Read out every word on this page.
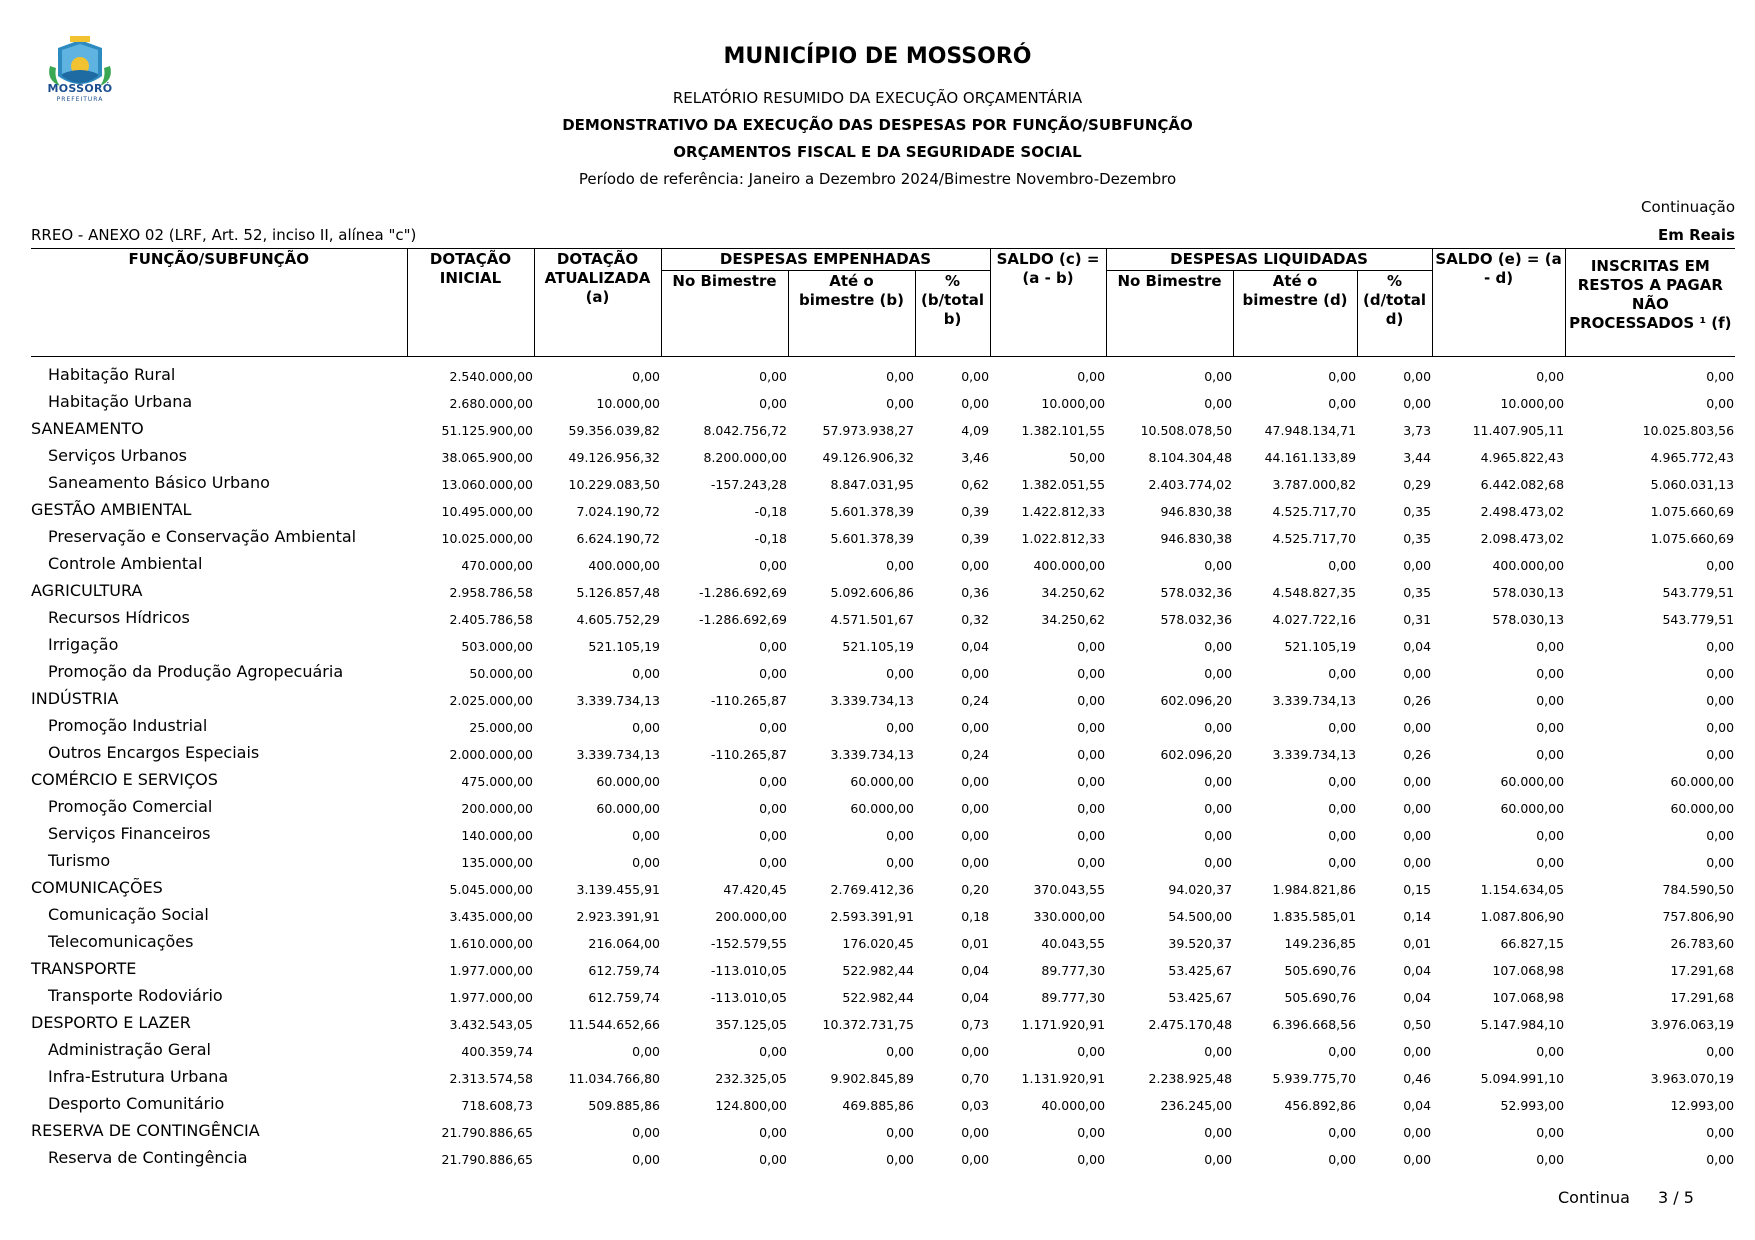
MOSSORÓ
PREFEITURA
MUNICÍPIO DE MOSSORÓ
RELATÓRIO RESUMIDO DA EXECUÇÃO ORÇAMENTÁRIA
DEMONSTRATIVO DA EXECUÇÃO DAS DESPESAS POR FUNÇÃO/SUBFUNÇÃO
ORÇAMENTOS FISCAL E DA SEGURIDADE SOCIAL
Período de referência: Janeiro a Dezembro 2024/Bimestre Novembro-Dezembro
Continuação
RREO - ANEXO 02 (LRF, Art. 52, inciso II, alínea "c")	Em Reais
FUNÇÃO/SUBFUNÇÃO	DOTAÇÃO INICIAL	DOTAÇÃO ATUALIZADA (a)	DESPESAS EMPENHADAS			SALDO (c) = (a - b)	DESPESAS LIQUIDADAS			SALDO (e) = (a - d)	INSCRITAS EM RESTOS A PAGAR NÃO PROCESSADOS ¹ (f)
			No Bimestre	Até o bimestre (b)	% (b/total b)		No Bimestre	Até o bimestre (d)	% (d/total d)		
Habitação Rural	2.540.000,00	0,00	0,00	0,00	0,00	0,00	0,00	0,00	0,00	0,00	0,00
Habitação Urbana	2.680.000,00	10.000,00	0,00	0,00	0,00	10.000,00	0,00	0,00	0,00	10.000,00	0,00
SANEAMENTO	51.125.900,00	59.356.039,82	8.042.756,72	57.973.938,27	4,09	1.382.101,55	10.508.078,50	47.948.134,71	3,73	11.407.905,11	10.025.803,56
Serviços Urbanos	38.065.900,00	49.126.956,32	8.200.000,00	49.126.906,32	3,46	50,00	8.104.304,48	44.161.133,89	3,44	4.965.822,43	4.965.772,43
Saneamento Básico Urbano	13.060.000,00	10.229.083,50	-157.243,28	8.847.031,95	0,62	1.382.051,55	2.403.774,02	3.787.000,82	0,29	6.442.082,68	5.060.031,13
GESTÃO AMBIENTAL	10.495.000,00	7.024.190,72	-0,18	5.601.378,39	0,39	1.422.812,33	946.830,38	4.525.717,70	0,35	2.498.473,02	1.075.660,69
Preservação e Conservação Ambiental	10.025.000,00	6.624.190,72	-0,18	5.601.378,39	0,39	1.022.812,33	946.830,38	4.525.717,70	0,35	2.098.473,02	1.075.660,69
Controle Ambiental	470.000,00	400.000,00	0,00	0,00	0,00	400.000,00	0,00	0,00	0,00	400.000,00	0,00
AGRICULTURA	2.958.786,58	5.126.857,48	-1.286.692,69	5.092.606,86	0,36	34.250,62	578.032,36	4.548.827,35	0,35	578.030,13	543.779,51
Recursos Hídricos	2.405.786,58	4.605.752,29	-1.286.692,69	4.571.501,67	0,32	34.250,62	578.032,36	4.027.722,16	0,31	578.030,13	543.779,51
Irrigação	503.000,00	521.105,19	0,00	521.105,19	0,04	0,00	0,00	521.105,19	0,04	0,00	0,00
Promoção da Produção Agropecuária	50.000,00	0,00	0,00	0,00	0,00	0,00	0,00	0,00	0,00	0,00	0,00
INDÚSTRIA	2.025.000,00	3.339.734,13	-110.265,87	3.339.734,13	0,24	0,00	602.096,20	3.339.734,13	0,26	0,00	0,00
Promoção Industrial	25.000,00	0,00	0,00	0,00	0,00	0,00	0,00	0,00	0,00	0,00	0,00
Outros Encargos Especiais	2.000.000,00	3.339.734,13	-110.265,87	3.339.734,13	0,24	0,00	602.096,20	3.339.734,13	0,26	0,00	0,00
COMÉRCIO E SERVIÇOS	475.000,00	60.000,00	0,00	60.000,00	0,00	0,00	0,00	0,00	0,00	60.000,00	60.000,00
Promoção Comercial	200.000,00	60.000,00	0,00	60.000,00	0,00	0,00	0,00	0,00	0,00	60.000,00	60.000,00
Serviços Financeiros	140.000,00	0,00	0,00	0,00	0,00	0,00	0,00	0,00	0,00	0,00	0,00
Turismo	135.000,00	0,00	0,00	0,00	0,00	0,00	0,00	0,00	0,00	0,00	0,00
COMUNICAÇÕES	5.045.000,00	3.139.455,91	47.420,45	2.769.412,36	0,20	370.043,55	94.020,37	1.984.821,86	0,15	1.154.634,05	784.590,50
Comunicação Social	3.435.000,00	2.923.391,91	200.000,00	2.593.391,91	0,18	330.000,00	54.500,00	1.835.585,01	0,14	1.087.806,90	757.806,90
Telecomunicações	1.610.000,00	216.064,00	-152.579,55	176.020,45	0,01	40.043,55	39.520,37	149.236,85	0,01	66.827,15	26.783,60
TRANSPORTE	1.977.000,00	612.759,74	-113.010,05	522.982,44	0,04	89.777,30	53.425,67	505.690,76	0,04	107.068,98	17.291,68
Transporte Rodoviário	1.977.000,00	612.759,74	-113.010,05	522.982,44	0,04	89.777,30	53.425,67	505.690,76	0,04	107.068,98	17.291,68
DESPORTO E LAZER	3.432.543,05	11.544.652,66	357.125,05	10.372.731,75	0,73	1.171.920,91	2.475.170,48	6.396.668,56	0,50	5.147.984,10	3.976.063,19
Administração Geral	400.359,74	0,00	0,00	0,00	0,00	0,00	0,00	0,00	0,00	0,00	0,00
Infra-Estrutura Urbana	2.313.574,58	11.034.766,80	232.325,05	9.902.845,89	0,70	1.131.920,91	2.238.925,48	5.939.775,70	0,46	5.094.991,10	3.963.070,19
Desporto Comunitário	718.608,73	509.885,86	124.800,00	469.885,86	0,03	40.000,00	236.245,00	456.892,86	0,04	52.993,00	12.993,00
RESERVA DE CONTINGÊNCIA	21.790.886,65	0,00	0,00	0,00	0,00	0,00	0,00	0,00	0,00	0,00	0,00
Reserva de Contingência	21.790.886,65	0,00	0,00	0,00	0,00	0,00	0,00	0,00	0,00	0,00	0,00
Continua 3 / 5
